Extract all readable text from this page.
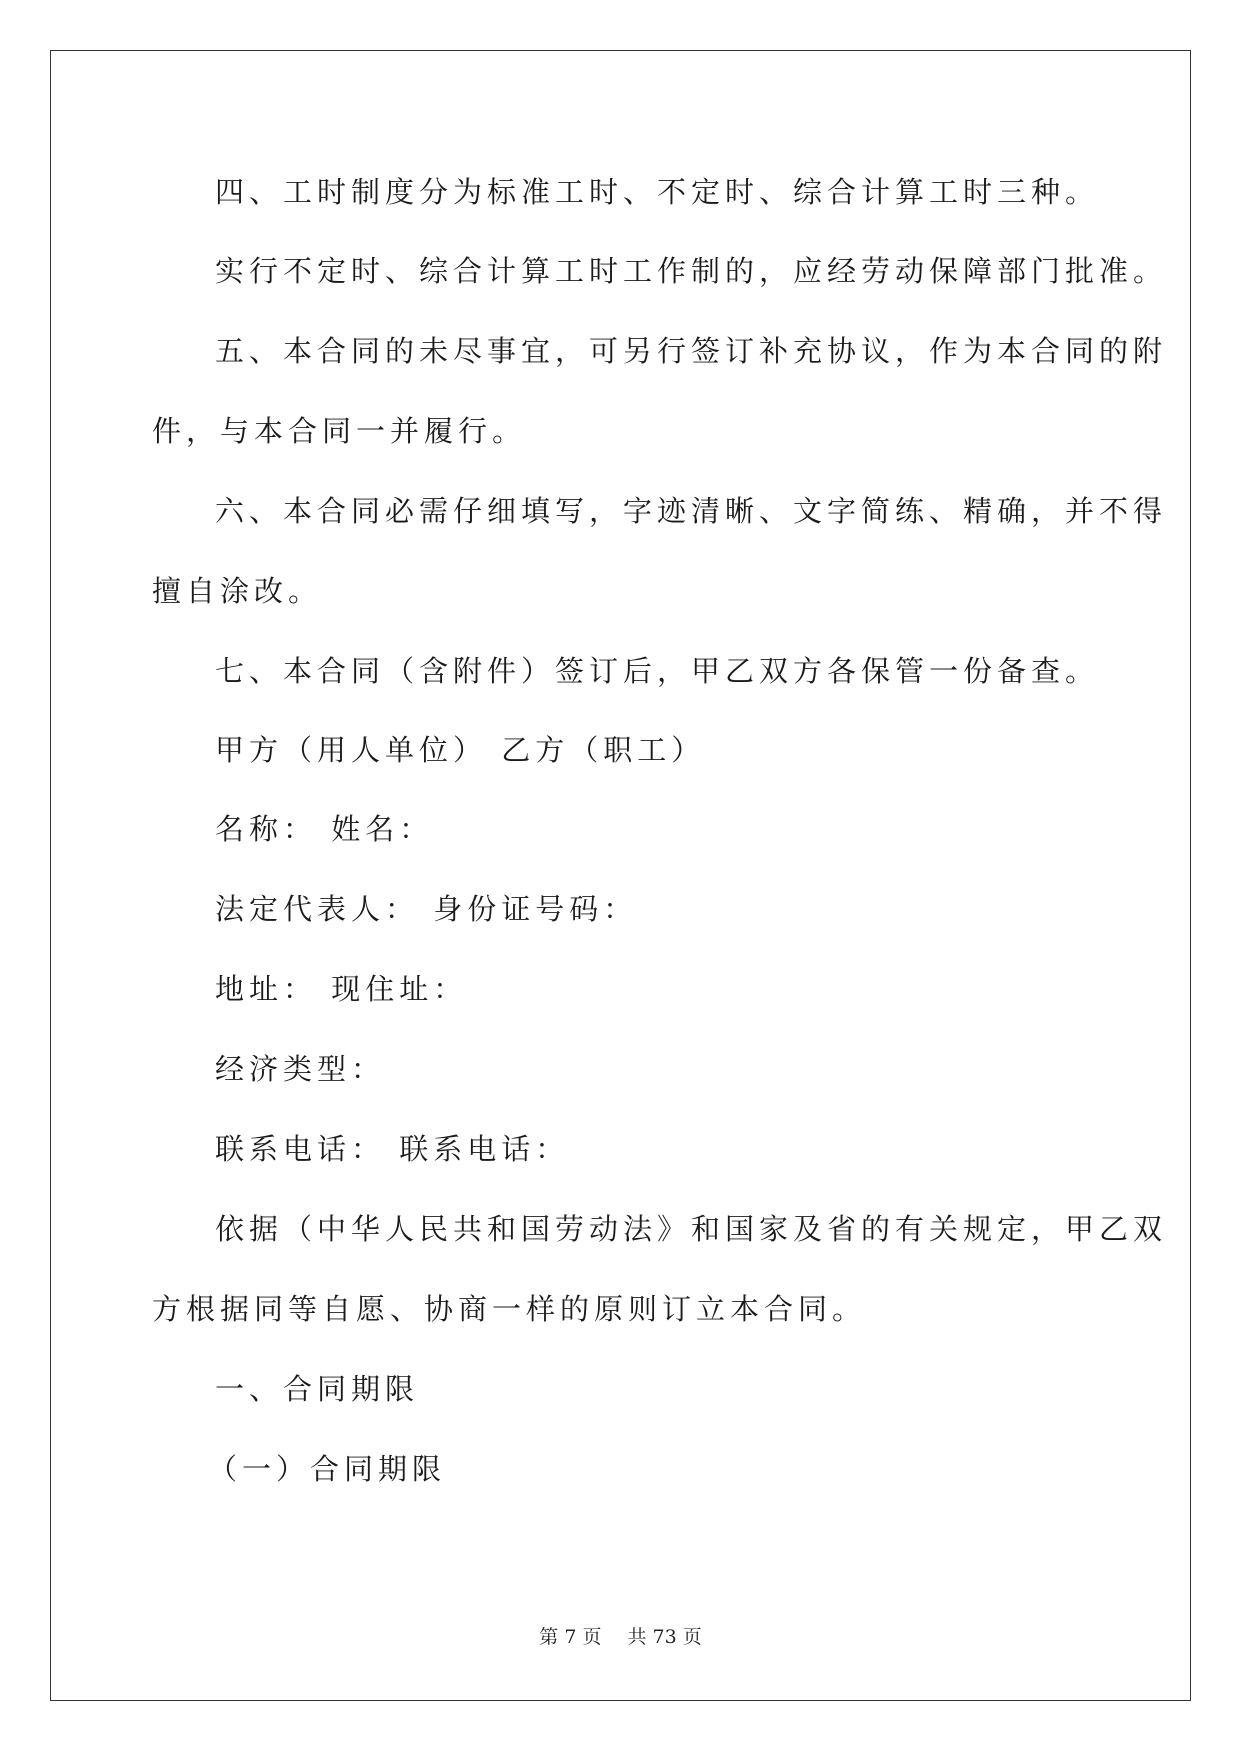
四、工时制度分为标准工时、不定时、综合计算工时三种。
实行不定时、综合计算工时工作制的，应经劳动保障部门批准。
五、本合同的未尽事宜，可另行签订补充协议，作为本合同的附
件，与本合同一并履行。
六、本合同必需仔细填写，字迹清晰、文字简练、精确，并不得
擅自涂改。
七、本合同（含附件）签订后，甲乙双方各保管一份备查。
甲方（用人单位） 乙方（职工）
名称： 姓名：
法定代表人： 身份证号码：
地址： 现住址：
经济类型：
联系电话： 联系电话：
依据（中华人民共和国劳动法》和国家及省的有关规定，甲乙双
方根据同等自愿、协商一样的原则订立本合同。
一、合同期限
（一）合同期限
第 7 页 共 73 页
